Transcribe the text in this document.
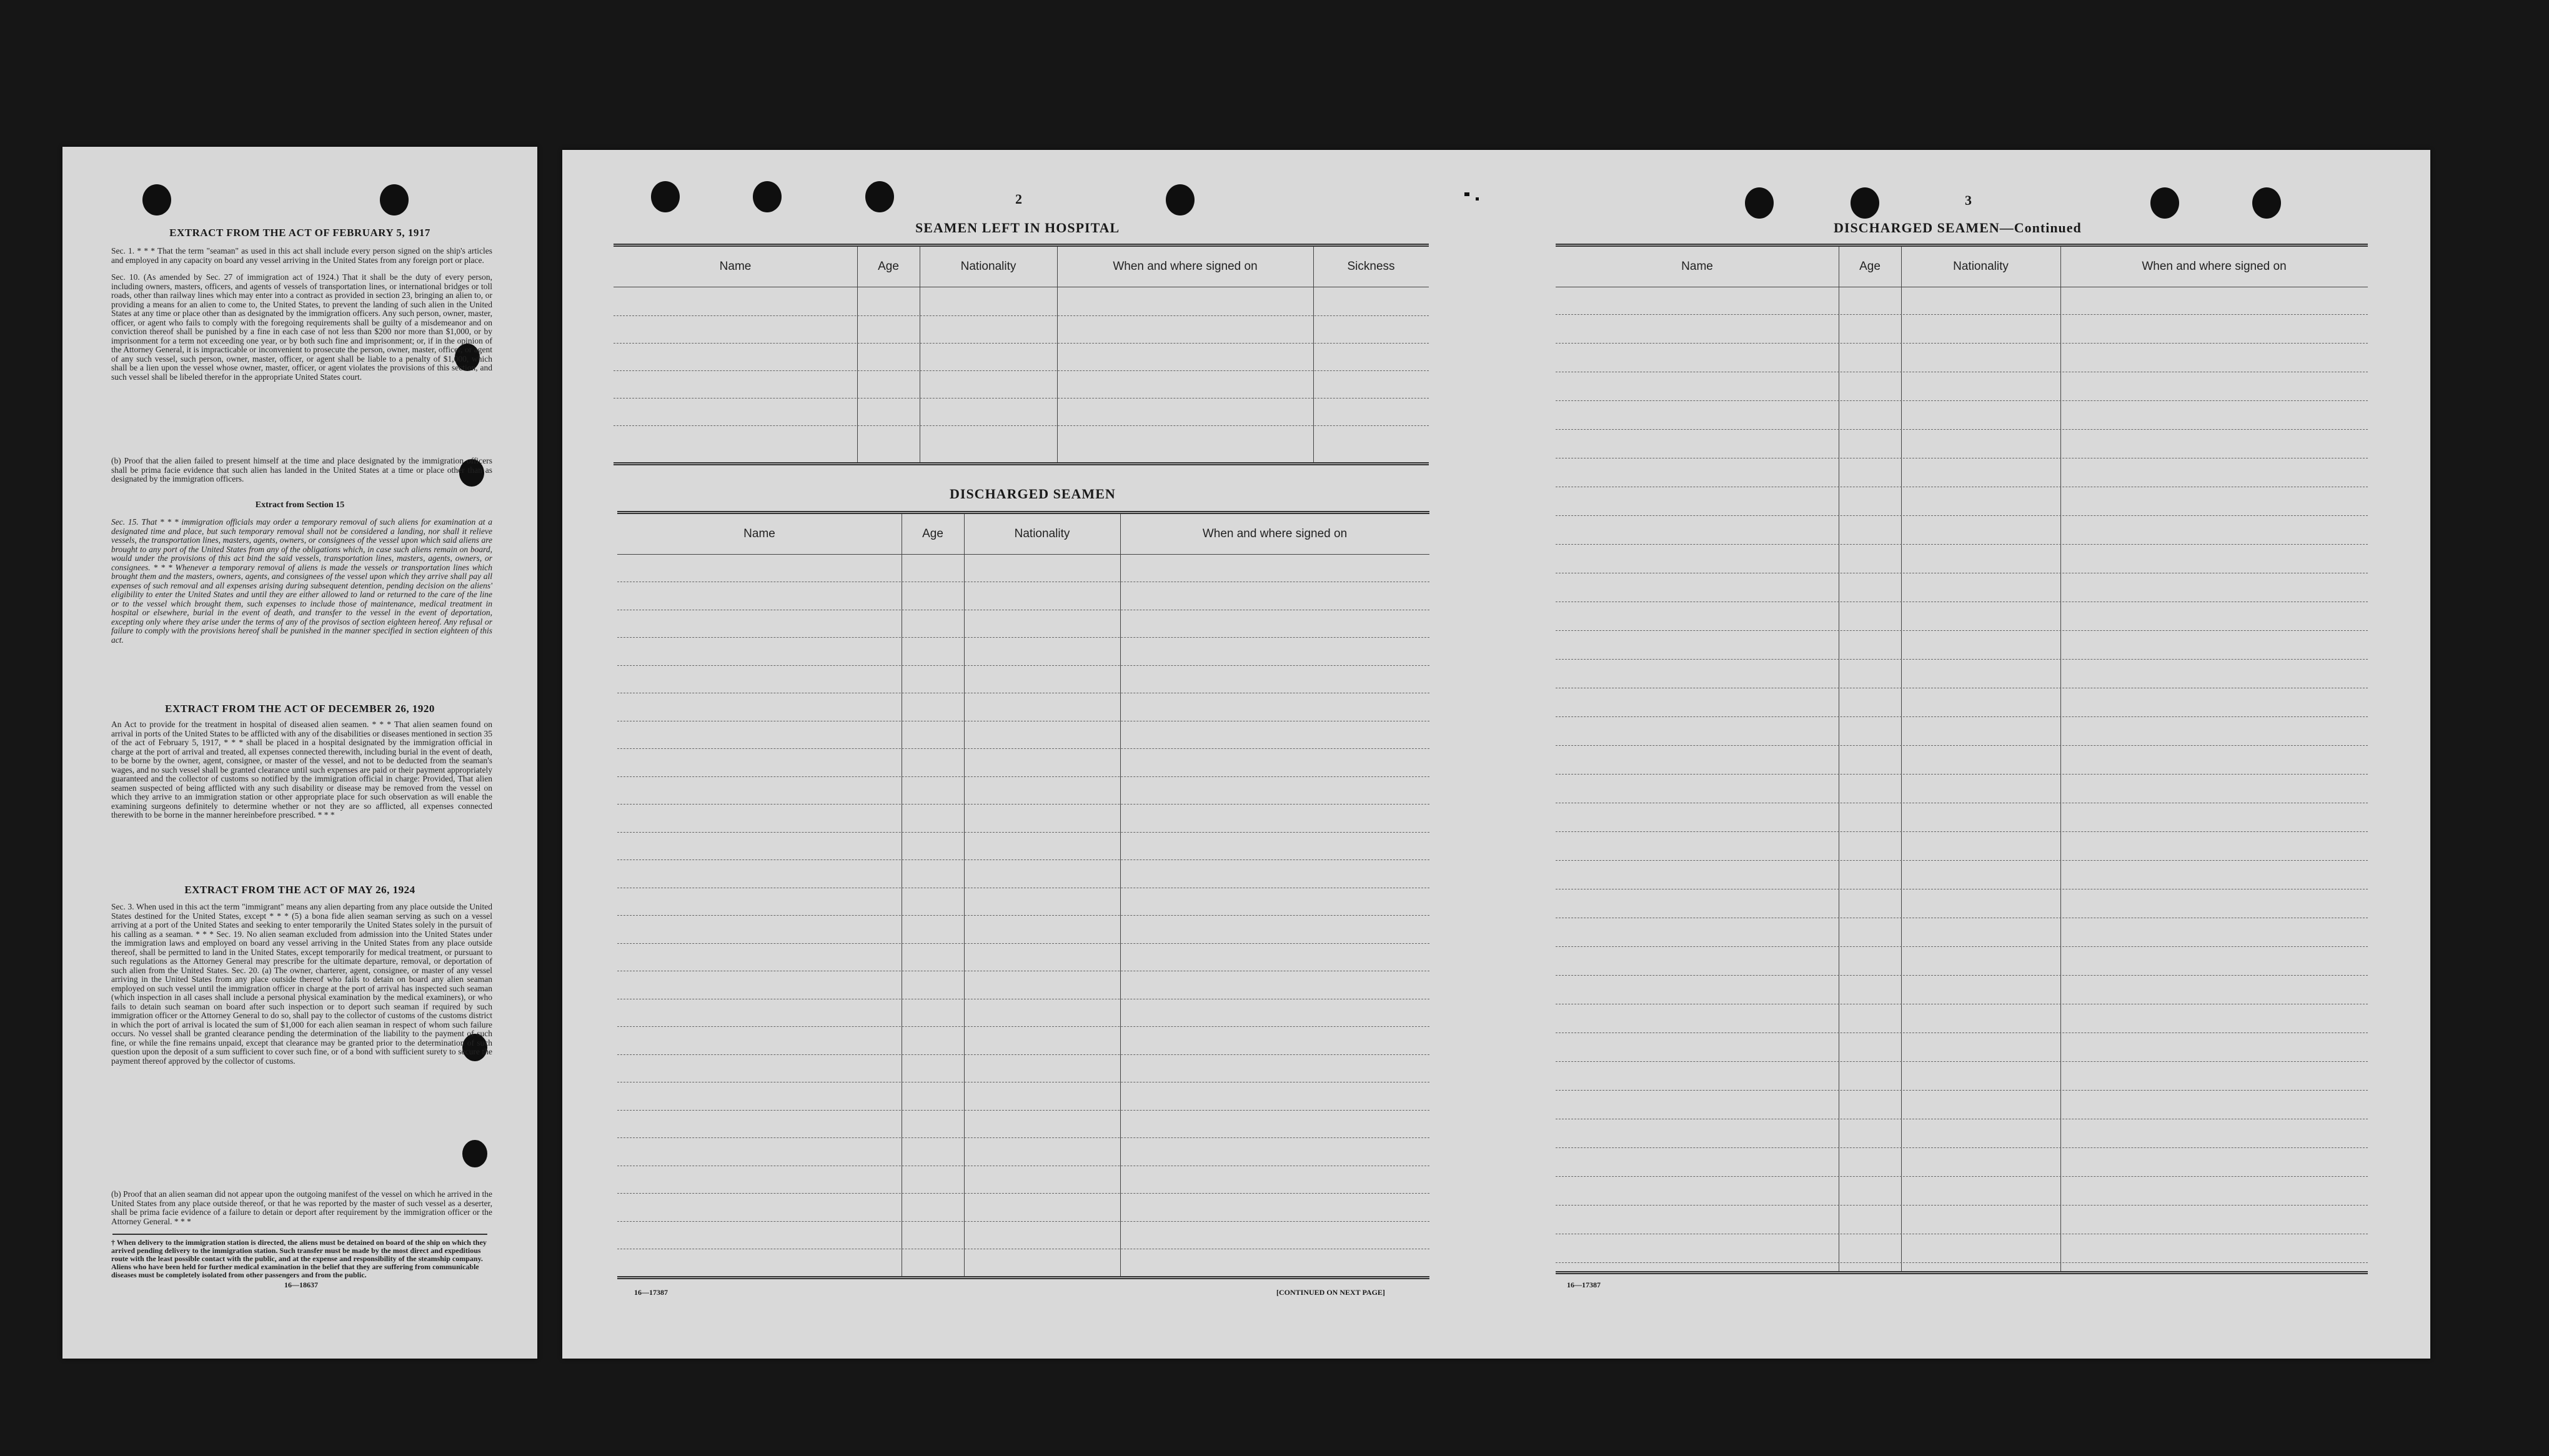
EXTRACT FROM THE ACT OF FEBRUARY 5, 1917
Sec. 1. * * * That the term "seaman" as used in this act shall include every person signed on the ship's articles and employed in any capacity on board any vessel arriving in the United States from any foreign port or place.
Sec. 10. (As amended by Sec. 27 of immigration act of 1924.) That it shall be the duty of every person, including owners, masters, officers, and agents of vessels of transportation lines, or international bridges or toll roads, other than railway lines which may enter into a contract as provided in section 23, bringing an alien to, or providing a means for an alien to come to, the United States, to prevent the landing of such alien in the United States at any time or place other than as designated by the immigration officers. Any such person, owner, master, officer, or agent who fails to comply with the foregoing requirements shall be guilty of a misdemeanor and on conviction thereof shall be punished by a fine in each case of not less than $200 nor more than $1,000, or by imprisonment for a term not exceeding one year, or by both such fine and imprisonment; or, if in the opinion of the Attorney General, it is impracticable or inconvenient to prosecute the person, owner, master, officer, or agent of any such vessel, such person, owner, master, officer, or agent shall be liable to a penalty of $1,000, which shall be a lien upon the vessel whose owner, master, officer, or agent violates the provisions of this section, and such vessel shall be libeled therefor in the appropriate United States court.
(b) Proof that the alien failed to present himself at the time and place designated by the immigration officers shall be prima facie evidence that such alien has landed in the United States at a time or place other than as designated by the immigration officers.
Extract from Section 15
Sec. 15. That * * * immigration officials may order a temporary removal of such aliens for examination at a designated time and place, but such temporary removal shall not be considered a landing, nor shall it relieve vessels, the transportation lines, masters, agents, owners, or consignees of the vessel upon which said aliens are brought to any port of the United States from any of the obligations which, in case such aliens remain on board, would under the provisions of this act bind the said vessels, transportation lines, masters, agents, owners, or consignees. * * * Whenever a temporary removal of aliens is made the vessels or transportation lines which brought them and the masters, owners, agents, and consignees of the vessel upon which they arrive shall pay all expenses of such removal and all expenses arising during subsequent detention, pending decision on the aliens' eligibility to enter the United States and until they are either allowed to land or returned to the care of the line or to the vessel which brought them, such expenses to include those of maintenance, medical treatment in hospital or elsewhere, burial in the event of death, and transfer to the vessel in the event of deportation, excepting only where they arise under the terms of any of the provisos of section eighteen hereof. Any refusal or failure to comply with the provisions hereof shall be punished in the manner specified in section eighteen of this act.
EXTRACT FROM THE ACT OF DECEMBER 26, 1920
An Act to provide for the treatment in hospital of diseased alien seamen. * * * That alien seamen found on arrival in ports of the United States to be afflicted with any of the disabilities or diseases mentioned in section 35 of the act of February 5, 1917, * * * shall be placed in a hospital designated by the immigration official in charge at the port of arrival and treated, all expenses connected therewith, including burial in the event of death, to be borne by the owner, agent, consignee, or master of the vessel, and not to be deducted from the seaman's wages, and no such vessel shall be granted clearance until such expenses are paid or their payment appropriately guaranteed and the collector of customs so notified by the immigration official in charge: Provided, That alien seamen suspected of being afflicted with any such disability or disease may be removed from the vessel on which they arrive to an immigration station or other appropriate place for such observation as will enable the examining surgeons definitely to determine whether or not they are so afflicted, all expenses connected therewith to be borne in the manner hereinbefore prescribed. * * *
EXTRACT FROM THE ACT OF MAY 26, 1924
Sec. 3. When used in this act the term "immigrant" means any alien departing from any place outside the United States destined for the United States, except * * * (5) a bona fide alien seaman serving as such on a vessel arriving at a port of the United States and seeking to enter temporarily the United States solely in the pursuit of his calling as a seaman. * * * Sec. 19. No alien seaman excluded from admission into the United States under the immigration laws and employed on board any vessel arriving in the United States from any place outside thereof, shall be permitted to land in the United States, except temporarily for medical treatment, or pursuant to such regulations as the Attorney General may prescribe for the ultimate departure, removal, or deportation of such alien from the United States. Sec. 20. (a) The owner, charterer, agent, consignee, or master of any vessel arriving in the United States from any place outside thereof who fails to detain on board any alien seaman employed on such vessel until the immigration officer in charge at the port of arrival has inspected such seaman (which inspection in all cases shall include a personal physical examination by the medical examiners), or who fails to detain such seaman on board after such inspection or to deport such seaman if required by such immigration officer or the Attorney General to do so, shall pay to the collector of customs of the customs district in which the port of arrival is located the sum of $1,000 for each alien seaman in respect of whom such failure occurs. No vessel shall be granted clearance pending the determination of the liability to the payment of such fine, or while the fine remains unpaid, except that clearance may be granted prior to the determination of such question upon the deposit of a sum sufficient to cover such fine, or of a bond with sufficient surety to secure the payment thereof approved by the collector of customs.
(b) Proof that an alien seaman did not appear upon the outgoing manifest of the vessel on which he arrived in the United States from any place outside thereof, or that he was reported by the master of such vessel as a deserter, shall be prima facie evidence of a failure to detain or deport after requirement by the immigration officer or the Attorney General. * * *
† When delivery to the immigration station is directed, the aliens must be detained on board of the ship on which they arrived pending delivery to the immigration station. Such transfer must be made by the most direct and expeditious route with the least possible contact with the public, and at the expense and responsibility of the steamship company. Aliens who have been held for further medical examination in the belief that they are suffering from communicable diseases must be completely isolated from other passengers and from the public.
16—18637
2
SEAMEN LEFT IN HOSPITAL
Name	Age	Nationality	When and where signed on	Sickness
DISCHARGED SEAMEN
Name	Age	Nationality	When and where signed on
16—17387	[CONTINUED ON NEXT PAGE]
3
DISCHARGED SEAMEN—Continued
Name	Age	Nationality	When and where signed on
16—17387
